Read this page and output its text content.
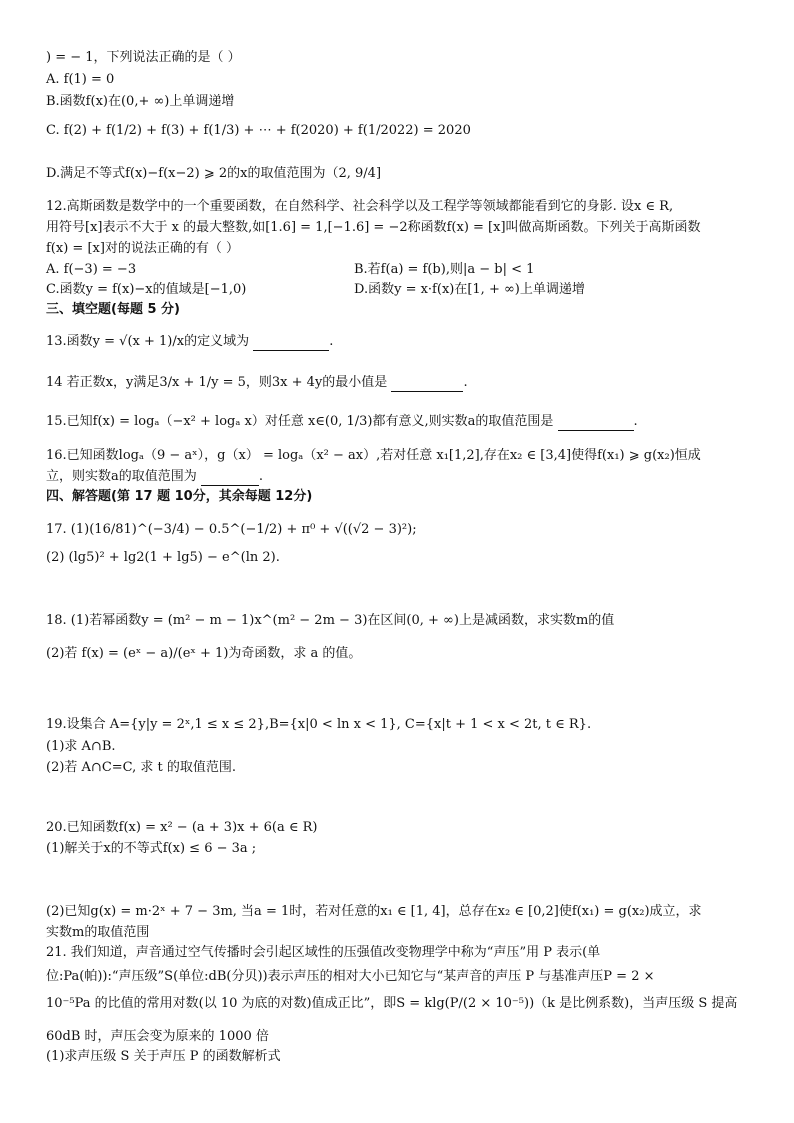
) = − 1，下列说法正确的是（ ）
A. f(1) = 0
B.函数f(x)在(0,+ ∞)上单调递增
C. f(2) + f(1/2) + f(3) + f(1/3) + ⋯ + f(2020) + f(1/2022) = 2020
D.满足不等式f(x)−f(x−2) ⩾ 2的x的取值范围为（2, 9/4]
12.高斯函数是数学中的一个重要函数，在自然科学、社会科学以及工程学等领域都能看到它的身影. 设x ∈ R,
用符号[x]表示不大于 x 的最大整数,如[1.6] = 1,[−1.6] = −2称函数f(x) = [x]叫做高斯函数。下列关于高斯函数
f(x) = [x]对的说法正确的有（ ）
A. f(−3) = −3	B.若f(a) = f(b),则|a − b| < 1
C.函数y = f(x)−x的值域是[−1,0)	D.函数y = x·f(x)在[1, + ∞)上单调递增
三、填空题(每题 5 分)
13.函数y = √(x + 1)/x的定义域为	.
14 若正数x，y满足3/x + 1/y = 5，则3x + 4y的最小值是	.
15.已知f(x) = logₐ（−x² + logₐ x）对任意 x∈(0, 1/3)都有意义,则实数a的取值范围是	.
16.已知函数logₐ（9 − aˣ），g（x） = logₐ（x² − ax）,若对任意 x₁[1,2],存在x₂ ∈ [3,4]使得f(x₁) ⩾ g(x₂)恒成
立，则实数a的取值范围为	.
四、解答题(第 17 题 10分，其余每题 12分)
17. (1)(16/81)^(−3/4) − 0.5^(−1/2) + π⁰ + √((√2 − 3)²);
(2) (lg5)² + lg2(1 + lg5) − e^(ln 2).
18. (1)若幂函数y = (m² − m − 1)x^(m² − 2m − 3)在区间(0, + ∞)上是减函数，求实数m的值
(2)若 f(x) = (eˣ − a)/(eˣ + 1)为奇函数，求 a 的值。
19.设集合 A={y|y = 2ˣ,1 ≤ x ≤ 2},B={x|0 < ln x < 1}, C={x|t + 1 < x < 2t, t ∈ R}.
(1)求 A∩B.
(2)若 A∩C=C, 求 t 的取值范围.
20.已知函数f(x) = x² − (a + 3)x + 6(a ∈ R)
(1)解关于x的不等式f(x) ≤ 6 − 3a ;
(2)已知g(x) = m·2ˣ + 7 − 3m, 当a = 1时，若对任意的x₁ ∈ [1, 4]，总存在x₂ ∈ [0,2]使f(x₁) = g(x₂)成立，求
实数m的取值范围
21. 我们知道，声音通过空气传播时会引起区域性的压强值改变物理学中称为“声压”用 P 表示(单
位:Pa(帕)):“声压级”S(单位:dB(分贝))表示声压的相对大小已知它与“某声音的声压 P 与基准声压P = 2 ×
10⁻⁵Pa 的比值的常用对数(以 10 为底的对数)值成正比”，即S = klg(P/(2 × 10⁻⁵))（k 是比例系数)，当声压级 S 提高
60dB 时，声压会变为原来的 1000 倍
(1)求声压级 S 关于声压 P 的函数解析式
